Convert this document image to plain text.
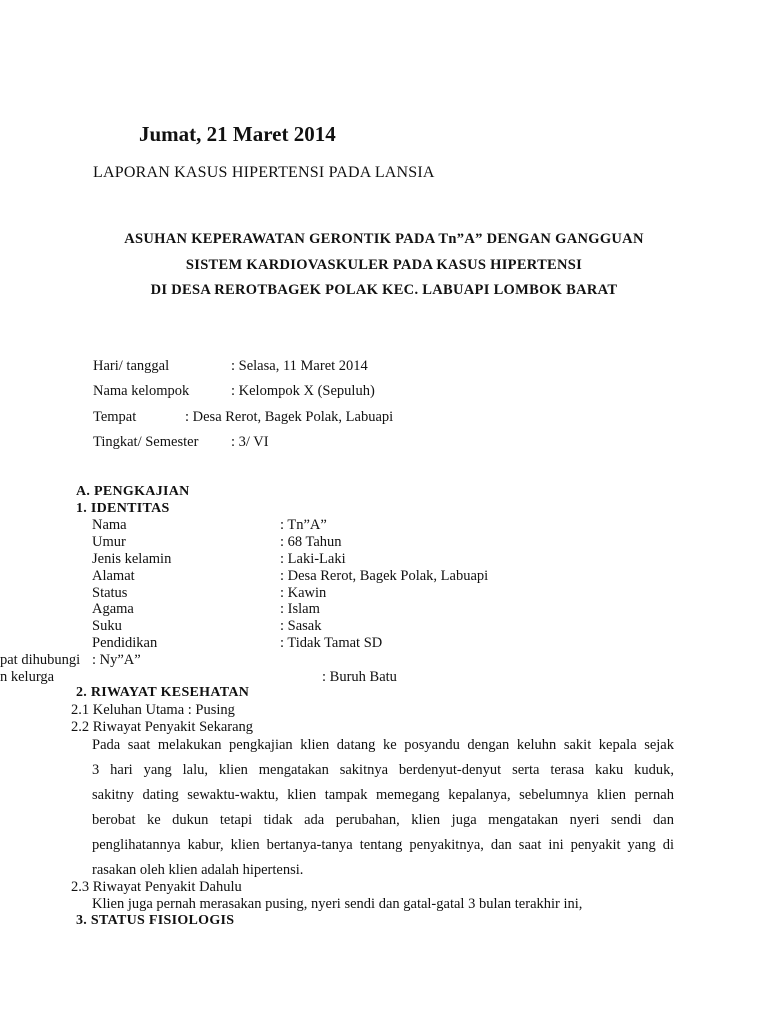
Jumat, 21 Maret 2014
LAPORAN KASUS HIPERTENSI PADA LANSIA
ASUHAN KEPERAWATAN GERONTIK PADA Tn”A” DENGAN GANGGUAN
SISTEM KARDIOVASKULER PADA KASUS HIPERTENSI
DI DESA REROTBAGEK POLAK KEC. LABUAPI LOMBOK BARAT
Hari/ tanggal	: Selasa, 11 Maret 2014
Nama kelompok	: Kelompok X (Sepuluh)
Tempat	: Desa Rerot, Bagek Polak, Labuapi
Tingkat/ Semester : 3/ VI
A. PENGKAJIAN
1. IDENTITAS
Nama	: Tn”A”
Umur	: 68 Tahun
Jenis kelamin	: Laki-Laki
Alamat	: Desa Rerot, Bagek Polak, Labuapi
Status	: Kawin
Agama	: Islam
Suku	: Sasak
Pendidikan	: Tidak Tamat SD
pat dihubungi : Ny”A”
n kelurga	: Buruh Batu
2. RIWAYAT KESEHATAN
2.1 Keluhan Utama : Pusing
2.2 Riwayat Penyakit Sekarang
Pada saat melakukan pengkajian klien datang ke posyandu dengan keluhn sakit kepala sejak
3 hari yang lalu, klien mengatakan sakitnya berdenyut-denyut serta terasa kaku kuduk,
sakitny dating sewaktu-waktu, klien tampak memegang kepalanya, sebelumnya klien pernah
berobat ke dukun tetapi tidak ada perubahan, klien juga mengatakan nyeri sendi dan
penglihatannya kabur, klien bertanya-tanya tentang penyakitnya, dan saat ini penyakit yang di
rasakan oleh klien adalah hipertensi.
2.3 Riwayat Penyakit Dahulu
Klien juga pernah merasakan pusing, nyeri sendi dan gatal-gatal 3 bulan terakhir ini,
3. STATUS FISIOLOGIS
